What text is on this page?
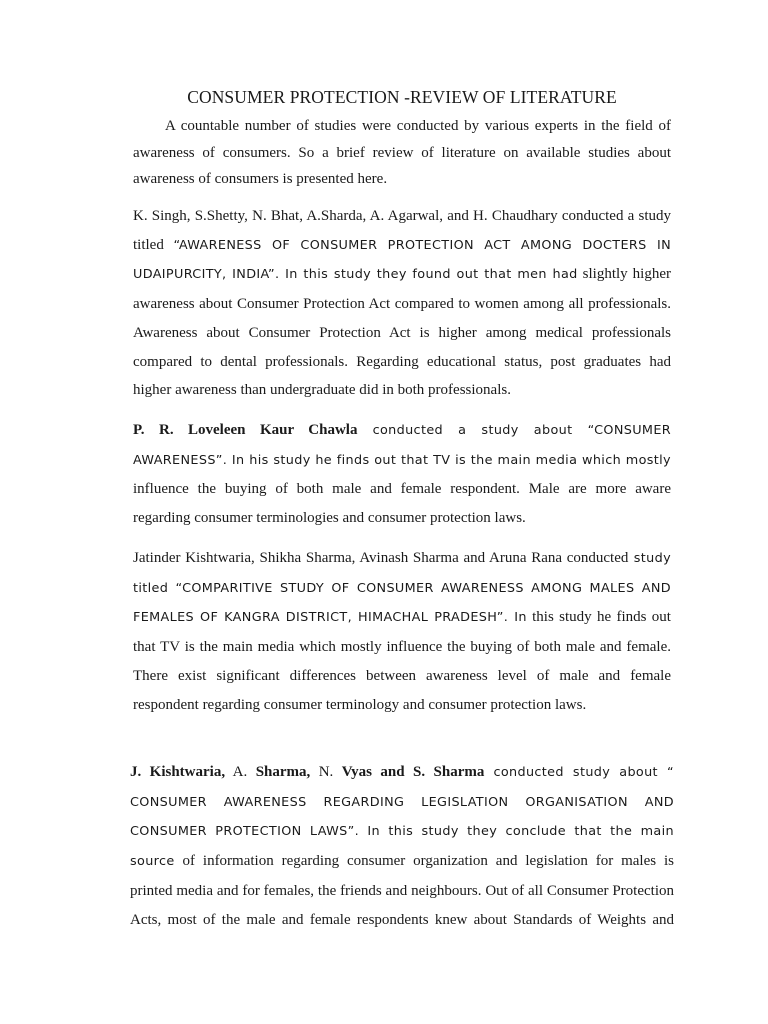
CONSUMER PROTECTION -REVIEW OF LITERATURE

A countable number of studies were conducted by various experts in the field of awareness of consumers. So a brief review of literature on available studies about awareness of consumers is presented here.

K. Singh, S.Shetty, N. Bhat, A.Sharda, A. Agarwal, and H. Chaudhary conducted a study titled “AWARENESS OF CONSUMER PROTECTION ACT AMONG DOCTERS IN UDAIPURCITY, INDIA”. In this study they found out that men had slightly higher awareness about Consumer Protection Act compared to women among all professionals. Awareness about Consumer Protection Act is higher among medical professionals compared to dental professionals. Regarding educational status, post graduates had higher awareness than undergraduate did in both professionals.

P. R. Loveleen Kaur Chawla conducted a study about “CONSUMER AWARENESS”. In his study he finds out that TV is the main media which mostly influence the buying of both male and female respondent. Male are more aware regarding consumer terminologies and consumer protection laws.

Jatinder Kishtwaria, Shikha Sharma, Avinash Sharma and Aruna Rana conducted study titled “COMPARITIVE STUDY OF CONSUMER AWARENESS AMONG MALES AND FEMALES OF KANGRA DISTRICT, HIMACHAL PRADESH”. In this study he finds out that TV is the main media which mostly influence the buying of both male and female. There exist significant differences between awareness level of male and female respondent regarding consumer terminology and consumer protection laws.

J. Kishtwaria, A. Sharma, N. Vyas and S. Sharma conducted study about “ CONSUMER AWARENESS REGARDING LEGISLATION ORGANISATION AND CONSUMER PROTECTION LAWS”. In this study they conclude that the main source of information regarding consumer organization and legislation for males is printed media and for females, the friends and neighbours. Out of all Consumer Protection Acts, most of the male and female respondents knew about Standards of Weights and
